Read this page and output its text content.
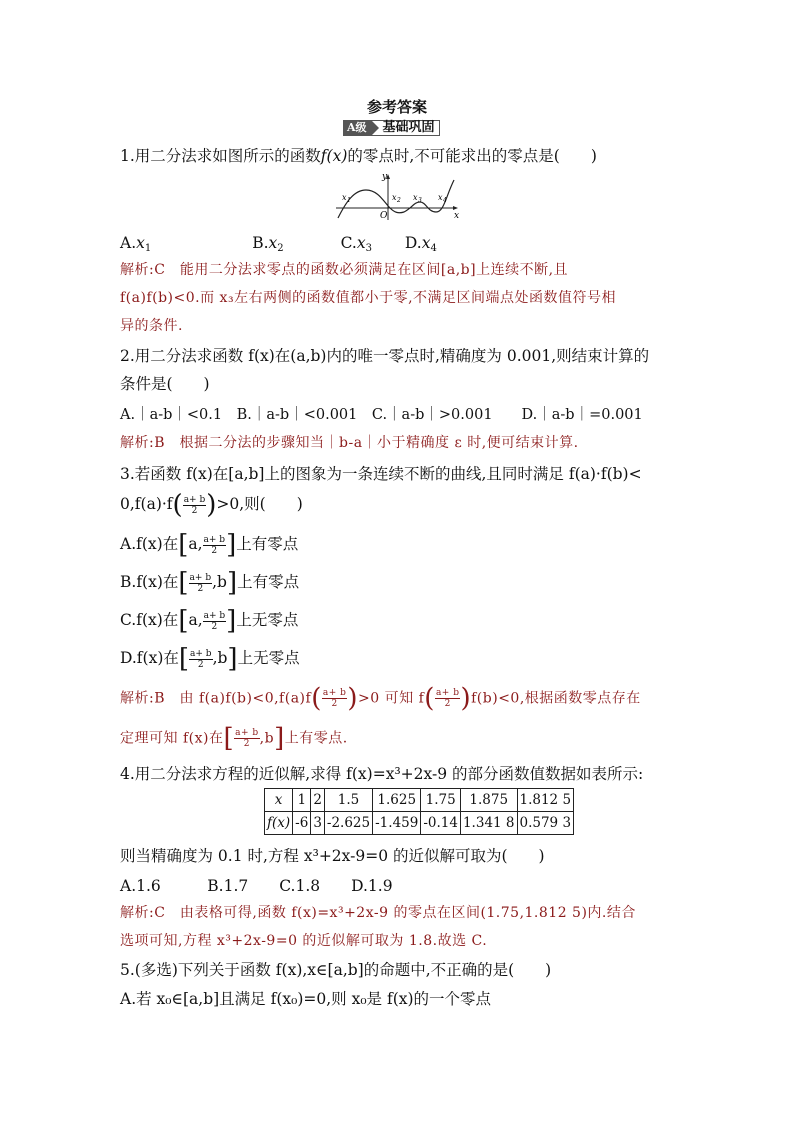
参考答案
A级	基础巩固
1.用二分法求如图所示的函数f(x)的零点时,不可能求出的零点是(　　)
y
x
O
x 1	x 2 x 3 x 4
$A.x_1$	$B.x_2$	$C.x_3$ $D.x_4$
解析:C　能用二分法求零点的函数必须满足在区间[a,b]上连续不断,且
f(a)f(b)<0.而 x₃左右两侧的函数值都小于零,不满足区间端点处函数值符号相
异的条件.
2.用二分法求函数 f(x)在(a,b)内的唯一零点时,精确度为 0.001,则结束计算的
条件是(　　)
A.｜a-b｜<0.1　B.｜a-b｜<0.001　C.｜a-b｜>0.001　　D.｜a-b｜=0.001
解析:B　根据二分法的步骤知当｜b-a｜小于精确度 ε 时,便可结束计算.
3.若函数 f(x)在[a,b]上的图象为一条连续不断的曲线,且同时满足 f(a)·f(b)<
$0,f(a)\cdot f( \frac{a+ b}{2} )>0$,则(　　)
A.f(x)在[a, $\frac{a+ b}{2}$ ]上有零点
B.f(x)在[ $\frac{a+ b}{2} ,b$]上有零点
C.f(x)在[a, $\frac{a+ b}{2}$ ]上无零点
D.f(x)在[ $\frac{a+ b}{2} ,b$]上无零点
解析:B　由 $f(a)f(b)<0,f(a)f( \frac{a+ b}{2} )>0$ 可知 $f( \frac{a+ b}{2} )f(b)<0$,根据函数零点存在
定理可知 f(x)在[ $\frac{a+ b}{2} ,b$]上有零点.
4.用二分法求方程的近似解,求得 f(x)=x³+2x-9 的部分函数值数据如表所示:
x	1	2	1.5	1.625	1.75	1.875	1.812 5
f(x)	-6	3	-2.625	-1.459	-0.14	1.341 8	0.579 3
则当精确度为 0.1 时,方程 x³+2x-9=0 的近似解可取为(　　)
A.1.6　　　B.1.7　　C.1.8　　D.1.9
解析:C　由表格可得,函数 f(x)=x³+2x-9 的零点在区间(1.75,1.812 5)内.结合
选项可知,方程 x³+2x-9=0 的近似解可取为 1.8.故选 C.
5.(多选)下列关于函数 f(x),x∈[a,b]的命题中,不正确的是(　　)
A.若 x₀∈[a,b]且满足 f(x₀)=0,则 x₀是 f(x)的一个零点
